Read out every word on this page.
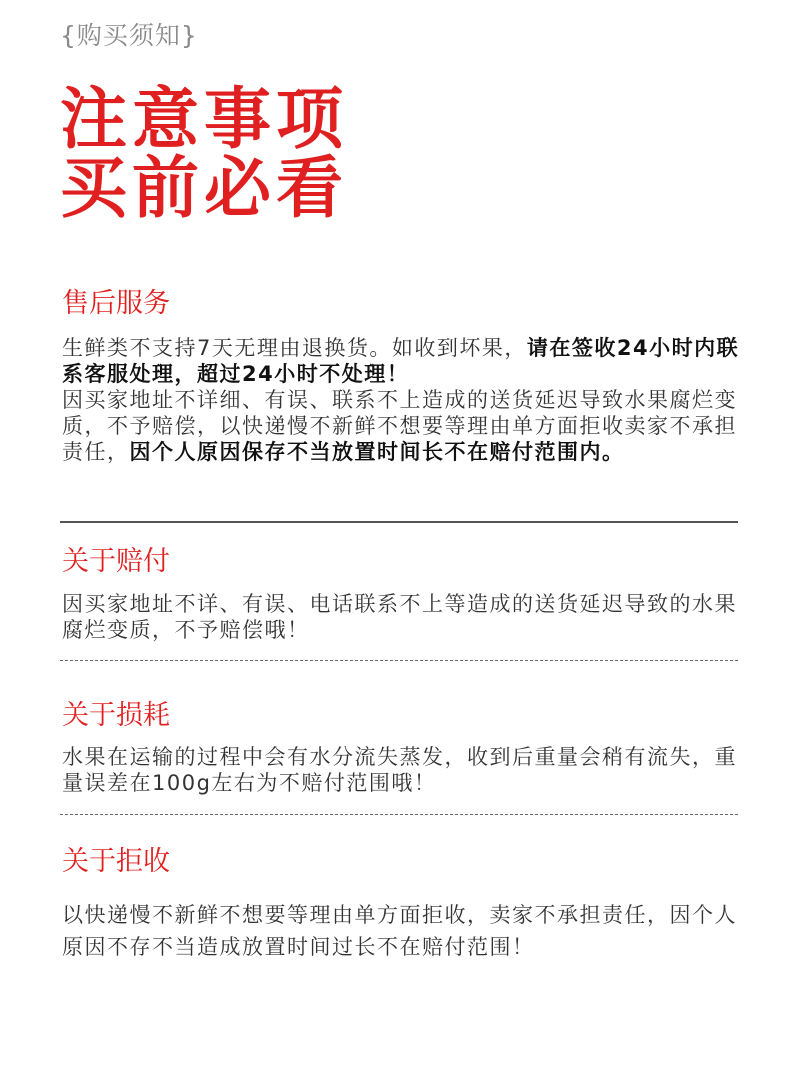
{购买须知}
注意事项
买前必看
售后服务
生鲜类不支持7天无理由退换货。如收到坏果，请在签收24小时内联系客服处理，超过24小时不处理！
因买家地址不详细、有误、联系不上造成的送货延迟导致水果腐烂变质，不予赔偿，以快递慢不新鲜不想要等理由单方面拒收卖家不承担责任，因个人原因保存不当放置时间长不在赔付范围内。
关于赔付
因买家地址不详、有误、电话联系不上等造成的送货延迟导致的水果腐烂变质，不予赔偿哦！
关于损耗
水果在运输的过程中会有水分流失蒸发，收到后重量会稍有流失，重量误差在100g左右为不赔付范围哦！
关于拒收
以快递慢不新鲜不想要等理由单方面拒收，卖家不承担责任，因个人原因不存不当造成放置时间过长不在赔付范围！
